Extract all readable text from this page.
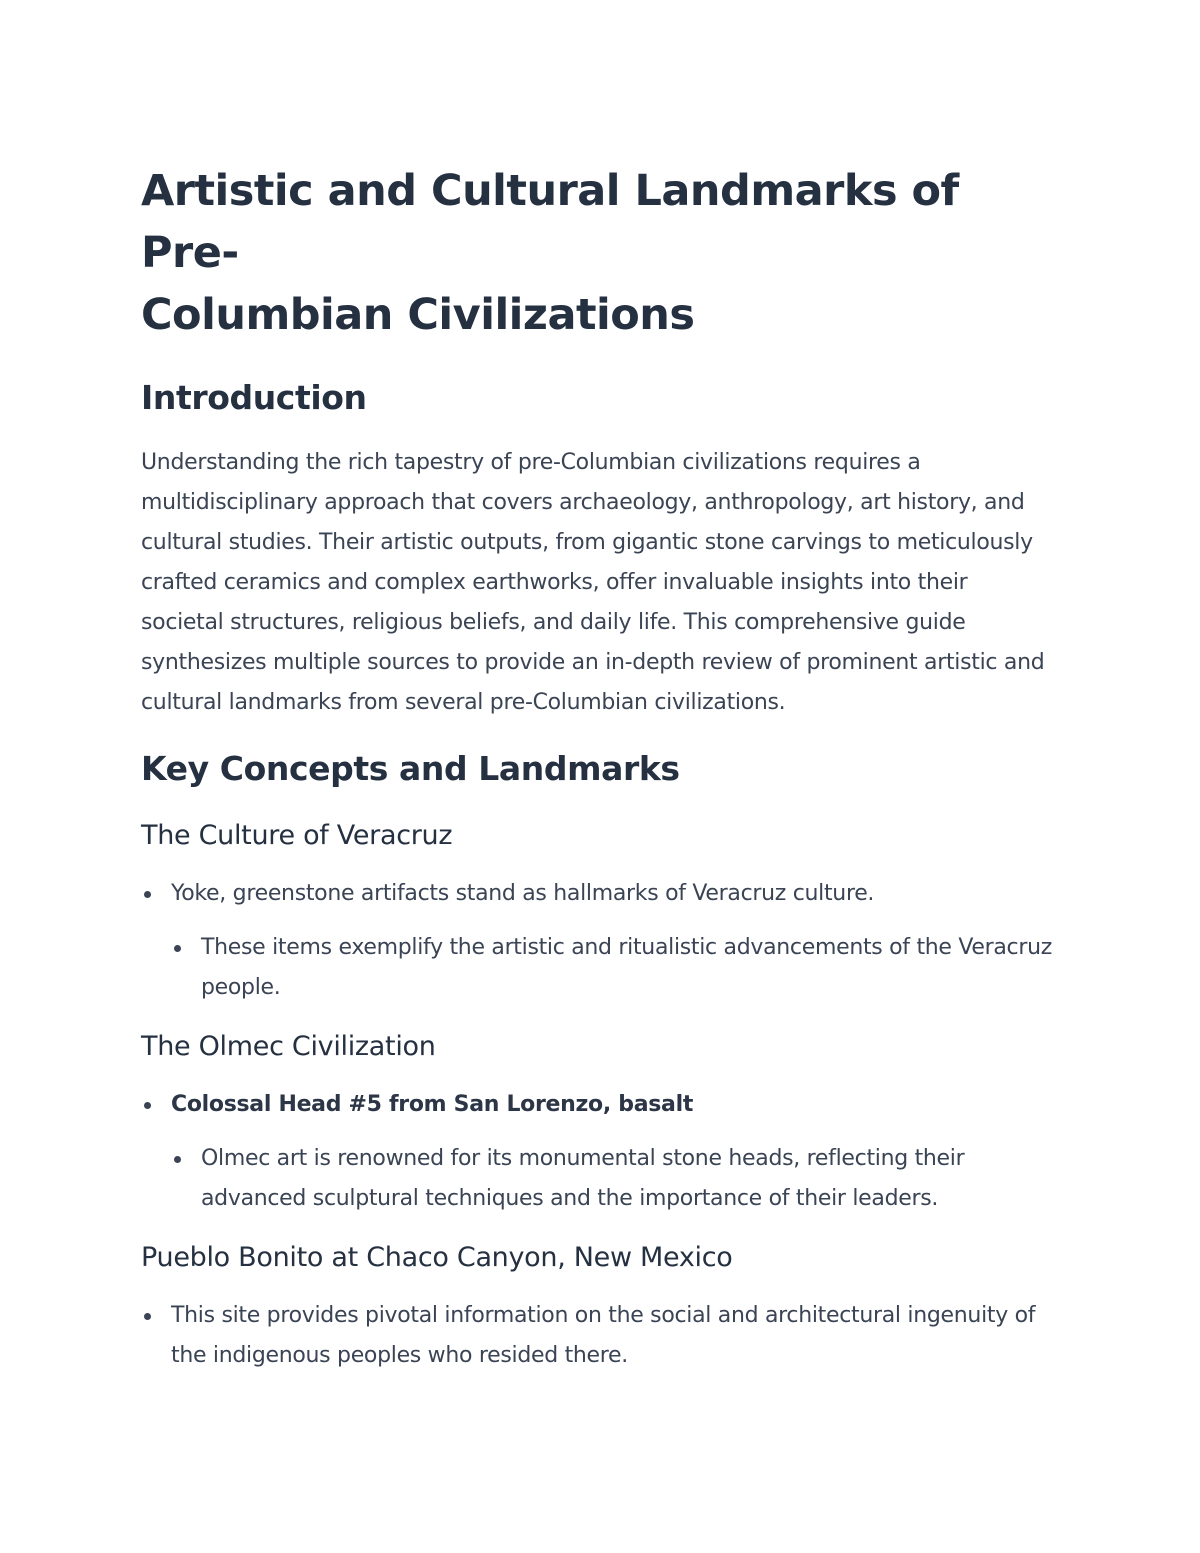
Artistic and Cultural Landmarks of Pre-
Columbian Civilizations
Introduction

Understanding the rich tapestry of pre-Columbian civilizations requires a multidisciplinary approach that covers archaeology, anthropology, art history, and cultural studies. Their artistic outputs, from gigantic stone carvings to meticulously crafted ceramics and complex earthworks, offer invaluable insights into their societal structures, religious beliefs, and daily life. This comprehensive guide synthesizes multiple sources to provide an in-depth review of prominent artistic and cultural landmarks from several pre-Columbian civilizations.

Key Concepts and Landmarks
The Culture of Veracruz
Yoke, greenstone artifacts stand as hallmarks of Veracruz culture.
These items exemplify the artistic and ritualistic advancements of the Veracruz people.
The Olmec Civilization
Colossal Head #5 from San Lorenzo, basalt
Olmec art is renowned for its monumental stone heads, reflecting their advanced sculptural techniques and the importance of their leaders.
Pueblo Bonito at Chaco Canyon, New Mexico
This site provides pivotal information on the social and architectural ingenuity of the indigenous peoples who resided there.
